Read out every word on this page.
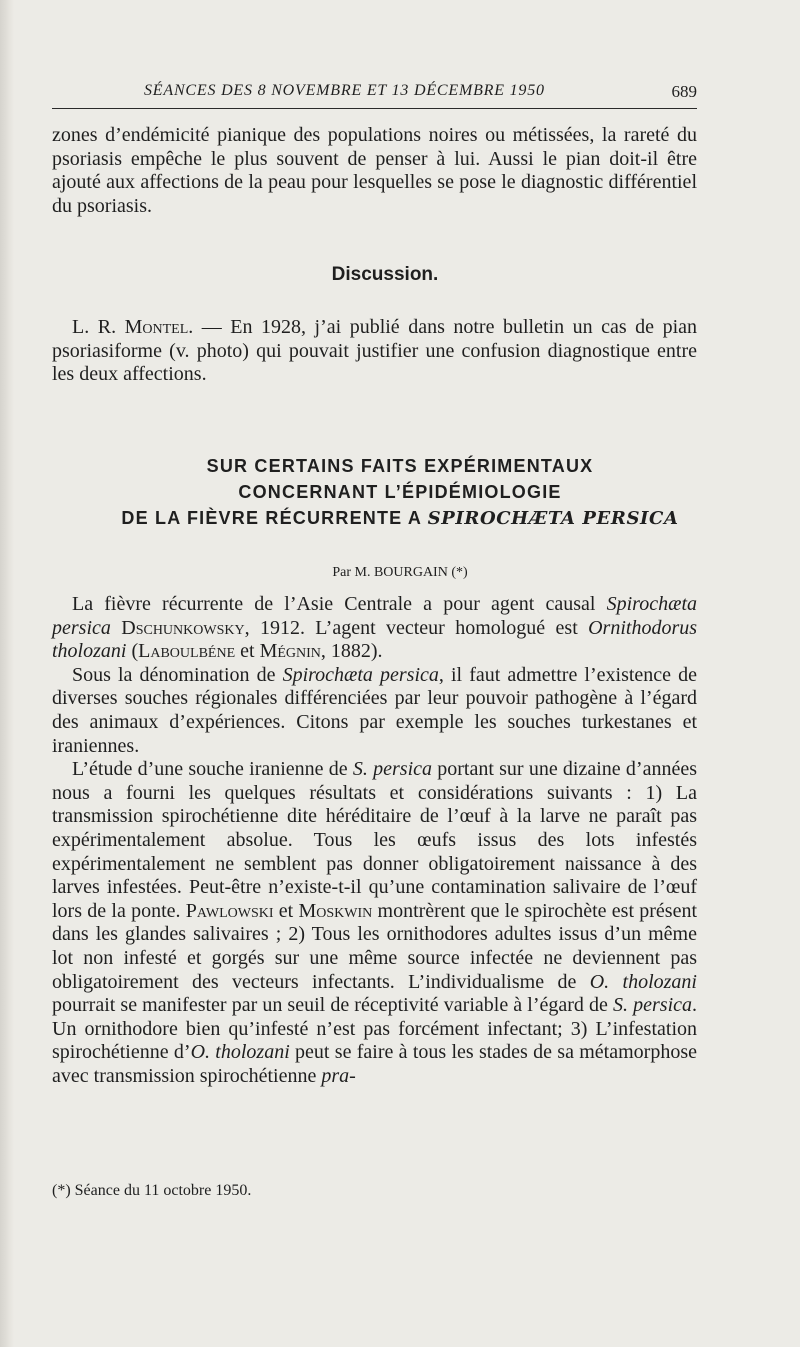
SÉANCES DES 8 NOVEMBRE ET 13 DÉCEMBRE 1950	689

zones d’endémicité pianique des populations noires ou métissées, la rareté du psoriasis empêche le plus souvent de penser à lui. Aussi le pian doit-il être ajouté aux affections de la peau pour lesquelles se pose le diagnostic différentiel du psoriasis.

Discussion.

L. R. Montel. — En 1928, j’ai publié dans notre bulletin un cas de pian psoriasiforme (v. photo) qui pouvait justifier une confusion diagnostique entre les deux affections.

SUR CERTAINS FAITS EXPÉRIMENTAUX

CONCERNANT L’ÉPIDÉMIOLOGIE

DE LA FIÈVRE RÉCURRENTE A SPIROCHÆTA PERSICA

Par M. BOURGAIN (*)

La fièvre récurrente de l’Asie Centrale a pour agent causal Spirochæta persica Dschunkowsky, 1912. L’agent vecteur homologué est Ornithodorus tholozani (Laboulbéne et Mégnin, 1882).

Sous la dénomination de Spirochæta persica, il faut admettre l’existence de diverses souches régionales différenciées par leur pouvoir pathogène à l’égard des animaux d’expériences. Citons par exemple les souches turkestanes et iraniennes.

L’étude d’une souche iranienne de S. persica portant sur une dizaine d’années nous a fourni les quelques résultats et considérations suivants : 1) La transmission spirochétienne dite héréditaire de l’œuf à la larve ne paraît pas expérimentalement absolue. Tous les œufs issus des lots infestés expérimentalement ne semblent pas donner obligatoirement naissance à des larves infestées. Peut-être n’existe-t-il qu’une contamination salivaire de l’œuf lors de la ponte. Pawlowski et Moskwin montrèrent que le spirochète est présent dans les glandes salivaires ; 2) Tous les ornithodores adultes issus d’un même lot non infesté et gorgés sur une même source infectée ne deviennent pas obligatoirement des vecteurs infectants. L’individualisme de O. tholozani pourrait se manifester par un seuil de réceptivité variable à l’égard de S. persica. Un ornithodore bien qu’infesté n’est pas forcément infectant; 3) L’infestation spirochétienne d’O. tholozani peut se faire à tous les stades de sa métamorphose avec transmission spirochétienne pra-

(*) Séance du 11 octobre 1950.
